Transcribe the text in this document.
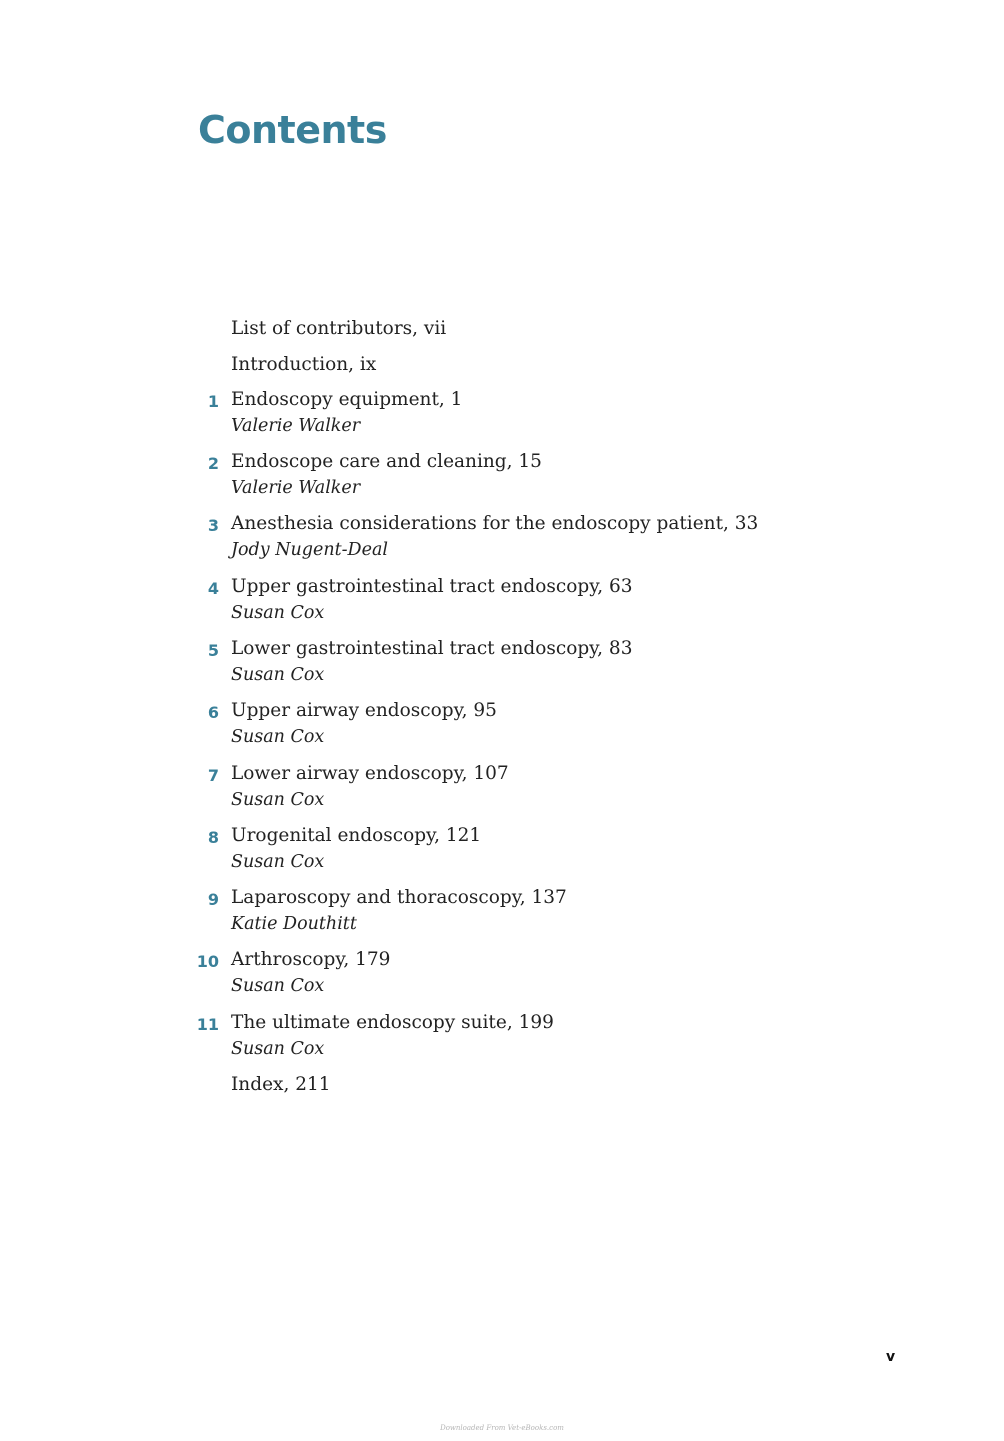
Contents
List of contributors, vii
Introduction, ix
1 Endoscopy equipment, 1
Valerie Walker
2 Endoscope care and cleaning, 15
Valerie Walker
3 Anesthesia considerations for the endoscopy patient, 33
Jody Nugent-Deal
4 Upper gastrointestinal tract endoscopy, 63
Susan Cox
5 Lower gastrointestinal tract endoscopy, 83
Susan Cox
6 Upper airway endoscopy, 95
Susan Cox
7 Lower airway endoscopy, 107
Susan Cox
8 Urogenital endoscopy, 121
Susan Cox
9 Laparoscopy and thoracoscopy, 137
Katie Douthitt
10 Arthroscopy, 179
Susan Cox
11 The ultimate endoscopy suite, 199
Susan Cox
Index, 211
v
Downloaded From Vet-eBooks.com
